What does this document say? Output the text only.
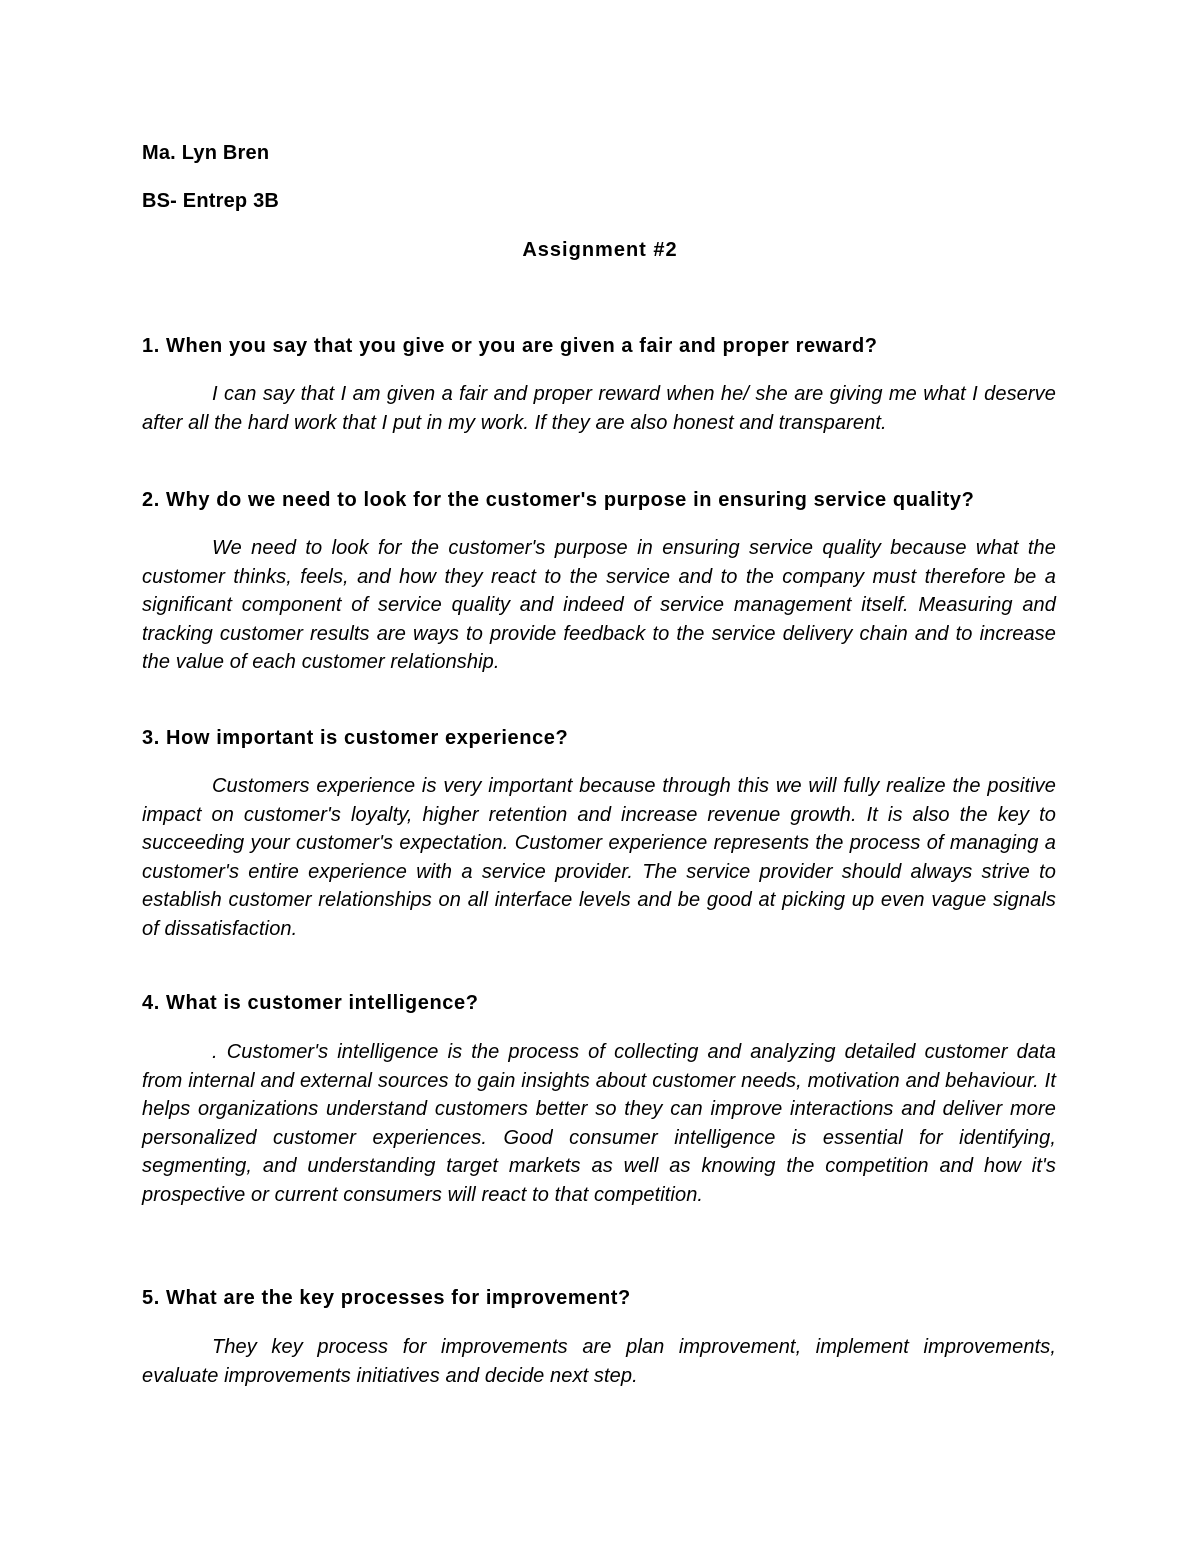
Ma. Lyn Bren
BS- Entrep 3B
Assignment #2
1. When you say that you give or you are given a fair and proper reward?

I can say that I am given a fair and proper reward when he/ she are giving me what I deserve after all the hard work that I put in my work. If they are also honest and transparent.

2. Why do we need to look for the customer's purpose in ensuring service quality?

We need to look for the customer's purpose in ensuring service quality because what the customer thinks, feels, and how they react to the service and to the company must therefore be a significant component of service quality and indeed of service management itself. Measuring and tracking customer results are ways to provide feedback to the service delivery chain and to increase the value of each customer relationship.

3. How important is customer experience?

Customers experience is very important because through this we will fully realize the positive impact on customer's loyalty, higher retention and increase revenue growth. It is also the key to succeeding your customer's expectation. Customer experience represents the process of managing a customer's entire experience with a service provider. The service provider should always strive to establish customer relationships on all interface levels and be good at picking up even vague signals of dissatisfaction.

4. What is customer intelligence?

. Customer's intelligence is the process of collecting and analyzing detailed customer data from internal and external sources to gain insights about customer needs, motivation and behaviour. It helps organizations understand customers better so they can improve interactions and deliver more personalized customer experiences. Good consumer intelligence is essential for identifying, segmenting, and understanding target markets as well as knowing the competition and how it's prospective or current consumers will react to that competition.

5. What are the key processes for improvement?

They key process for improvements are plan improvement, implement improvements, evaluate improvements initiatives and decide next step.
